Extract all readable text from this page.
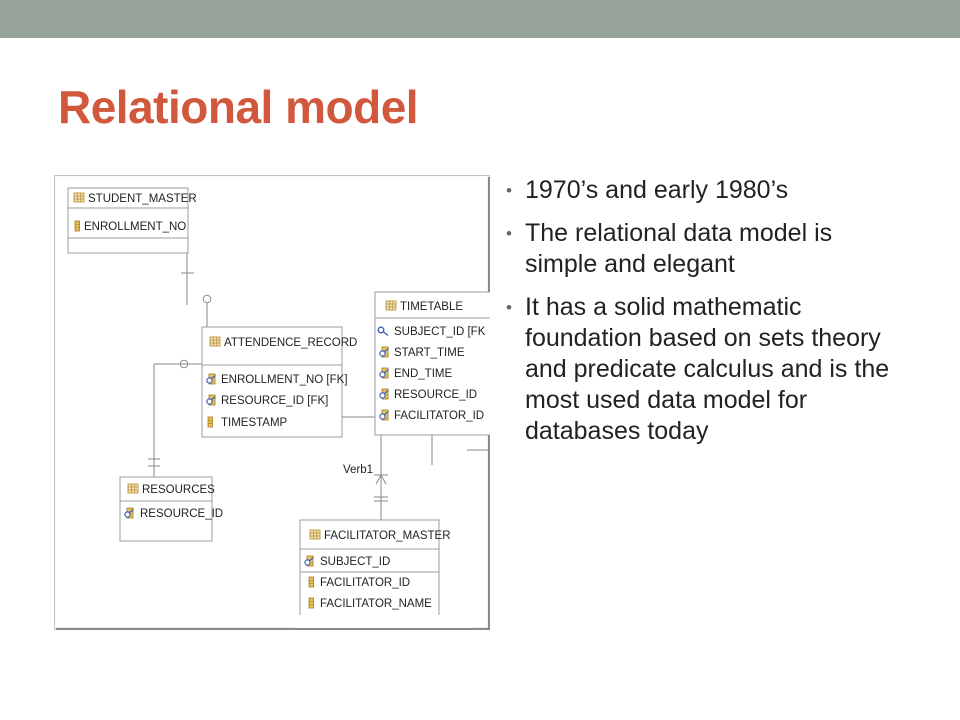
Relational model
STUDENT_MASTER
ENROLLMENT_NO
ATTENDENCE_RECORD
ENROLLMENT_NO [FK]
RESOURCE_ID [FK]
TIMESTAMP
TIMETABLE
SUBJECT_ID [FK
START_TIME
END_TIME
RESOURCE_ID
FACILITATOR_ID
Verb1
RESOURCES
RESOURCE_ID
FACILITATOR_MASTER
SUBJECT_ID
FACILITATOR_ID
FACILITATOR_NAME
• 1970’s and early 1980’s
• The relational data model is simple and elegant
• It has a solid mathematic foundation based on sets theory and predicate calculus and is the most used data model for databases today
